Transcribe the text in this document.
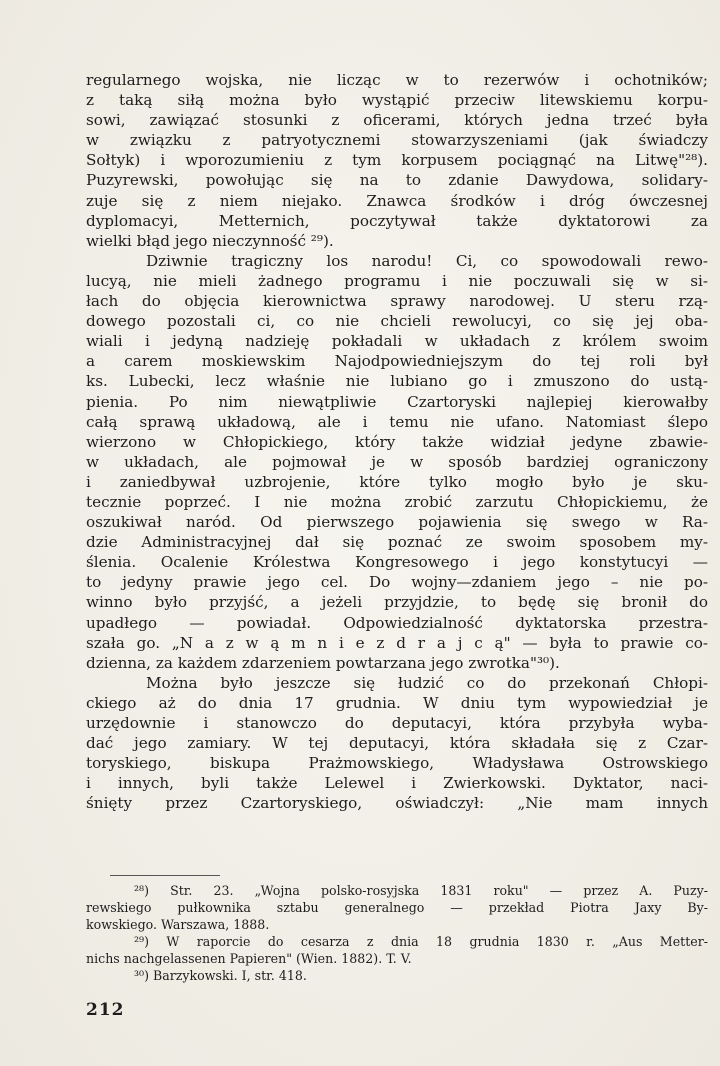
regularnego wojska, nie licząc w to rezerwów i ochotników;
z taką siłą można było wystąpić przeciw litewskiemu korpu-
sowi, zawiązać stosunki z oficerami, których jedna trzeć była
w związku z patryotycznemi stowarzyszeniami (jak świadczy
Sołtyk) i wporozumieniu z tym korpusem pociągnąć na Litwę"²⁸).
Puzyrewski, powołując się na to zdanie Dawydowa, solidary-
zuje się z niem niejako. Znawca środków i dróg ówczesnej
dyplomacyi, Metternich, poczytywał także dyktatorowi za
wielki błąd jego nieczynność ²⁹).
Dziwnie tragiczny los narodu! Ci, co spowodowali rewo-
lucyą, nie mieli żadnego programu i nie poczuwali się w si-
łach do objęcia kierownictwa sprawy narodowej. U steru rzą-
dowego pozostali ci, co nie chcieli rewolucyi, co się jej oba-
wiali i jedyną nadzieję pokładali w układach z królem swoim
a carem moskiewskim Najodpowiedniejszym do tej roli był
ks. Lubecki, lecz właśnie nie lubiano go i zmuszono do ustą-
pienia. Po nim niewątpliwie Czartoryski najlepiej kierowałby
całą sprawą układową, ale i temu nie ufano. Natomiast ślepo
wierzono w Chłopickiego, który także widział jedyne zbawie-
w układach, ale pojmował je w sposób bardziej ograniczony
i zaniedbywał uzbrojenie, które tylko mogło było je sku-
tecznie poprzeć. I nie można zrobić zarzutu Chłopickiemu, że
oszukiwał naród. Od pierwszego pojawienia się swego w Ra-
dzie Administracyjnej dał się poznać ze swoim sposobem my-
ślenia. Ocalenie Królestwa Kongresowego i jego konstytucyi —
to jedyny prawie jego cel. Do wojny—zdaniem jego – nie po-
winno było przyjść, a jeżeli przyjdzie, to będę się bronił do
upadłego — powiadał. Odpowiedzialność dyktatorska przestra-
szała go. „N a z w ą m n i e z d r a j c ą" — była to prawie co-
dzienna, za każdem zdarzeniem powtarzana jego zwrotka"³⁰).
Można było jeszcze się łudzić co do przekonań Chłopi-
ckiego aż do dnia 17 grudnia. W dniu tym wypowiedział je
urzędownie i stanowczo do deputacyi, która przybyła wyba-
dać jego zamiary. W tej deputacyi, która składała się z Czar-
toryskiego, biskupa Prażmowskiego, Władysława Ostrowskiego
i innych, byli także Lelewel i Zwierkowski. Dyktator, naci-
śnięty przez Czartoryskiego, oświadczył: „Nie mam innych
²⁸) Str. 23. „Wojna polsko-rosyjska 1831 roku" — przez A. Puzy-
rewskiego pułkownika sztabu generalnego — przekład Piotra Jaxy By-
kowskiego. Warszawa, 1888.
²⁹) W raporcie do cesarza z dnia 18 grudnia 1830 r. „Aus Metter-
nichs nachgelassenen Papieren" (Wien. 1882). T. V.
³⁰) Barzykowski. I, str. 418.
212
